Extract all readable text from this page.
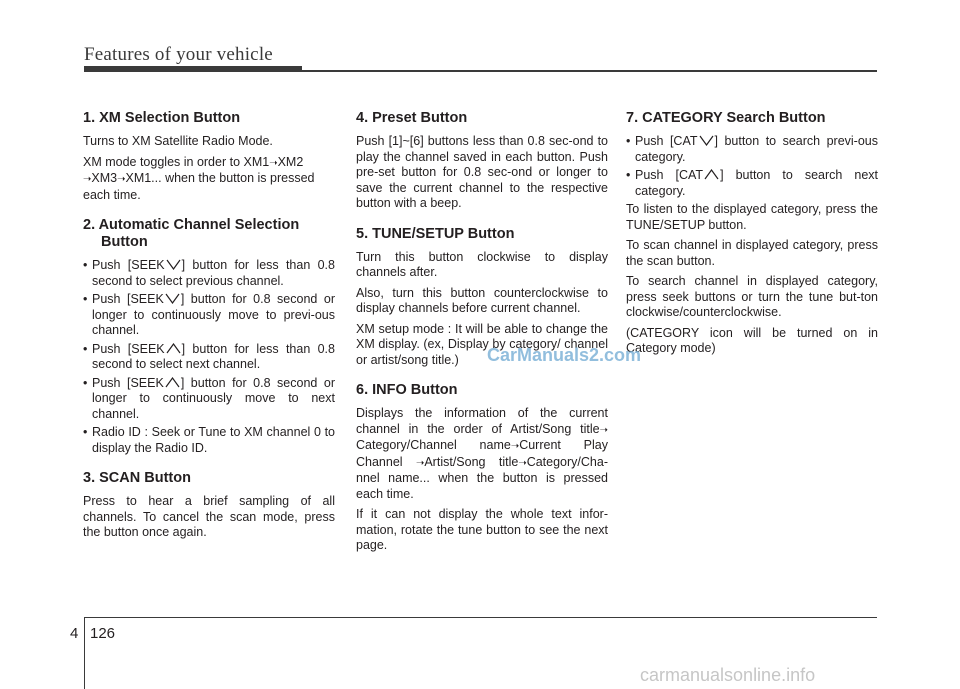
Features of your vehicle
1. XM Selection Button

Turns to XM Satellite Radio Mode.

XM mode toggles in order to XM1➝XM2 ➝XM3➝XM1... when the button is pressed each time.

2. Automatic Channel Selection
Button
• Push [SEEK ] button for less than 0.8 second to select previous channel.
• Push [SEEK ] button for 0.8 second or longer to continuously move to previ-ous channel.
• Push [SEEK ] button for less than 0.8 second to select next channel.
• Push [SEEK ] button for 0.8 second or longer to continuously move to next channel.
• Radio ID : Seek or Tune to XM channel 0 to display the Radio ID.
3. SCAN Button

Press to hear a brief sampling of all channels. To cancel the scan mode, press the button once again.

4. Preset Button

Push [1]~[6] buttons less than 0.8 sec-ond to play the channel saved in each button. Push pre-set button for 0.8 sec-ond or longer to save the current channel to the respective button with a beep.

5. TUNE/SETUP Button

Turn this button clockwise to display channels after.

Also, turn this button counterclockwise to display channels before current channel.

XM setup mode : It will be able to change the XM display. (ex, Display by category/ channel or artist/song title.)

6. INFO Button

Displays the information of the current channel in the order of Artist/Song title➝ Category/Channel name➝Current Play Channel ➝Artist/Song title➝Category/Cha-nnel name... when the button is pressed each time.

If it can not display the whole text infor-mation, rotate the tune button to see the next page.

7. CATEGORY Search Button
• Push [CAT ] button to search previ-ous category.
• Push [CAT ] button to search next category.

To listen to the displayed category, press the TUNE/SETUP button.

To scan channel in displayed category, press the scan button.

To search channel in displayed category, press seek buttons or turn the tune but-ton clockwise/counterclockwise.

(CATEGORY icon will be turned on in Category mode)

CarManuals2.com
4 126
carmanualsonline.info
